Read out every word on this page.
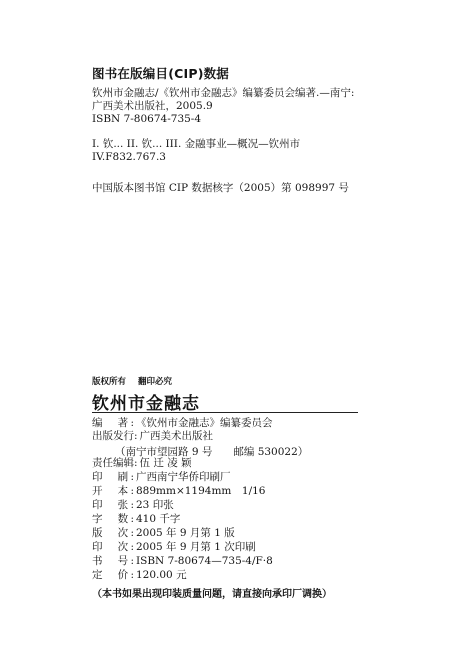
图书在版编目(CIP)数据
钦州市金融志/《钦州市金融志》编纂委员会编著.—南宁:
广西美术出版社，2005.9
ISBN 7-80674-735-4
I. 钦... II. 钦... III. 金融事业—概况—钦州市
IV.F832.767.3
中国版本图书馆 CIP 数据核字（2005）第 098997 号
版权所有 翻印必究
钦州市金融志
编　著: 《钦州市金融志》编纂委员会
出版发行: 广西美术出版社
（南宁市望园路 9 号　　邮编 530022）
责任编辑: 伍 迁 凌 颖
印　刷: 广西南宁华侨印刷厂
开　本: 889mm×1194mm　1/16
印　张: 23 印张
字　数: 410 千字
版　次: 2005 年 9 月第 1 版
印　次: 2005 年 9 月第 1 次印刷
书　号: ISBN 7-80674—735-4/F·8
定　价: 120.00 元
（本书如果出现印装质量问题，请直接向承印厂调换）
